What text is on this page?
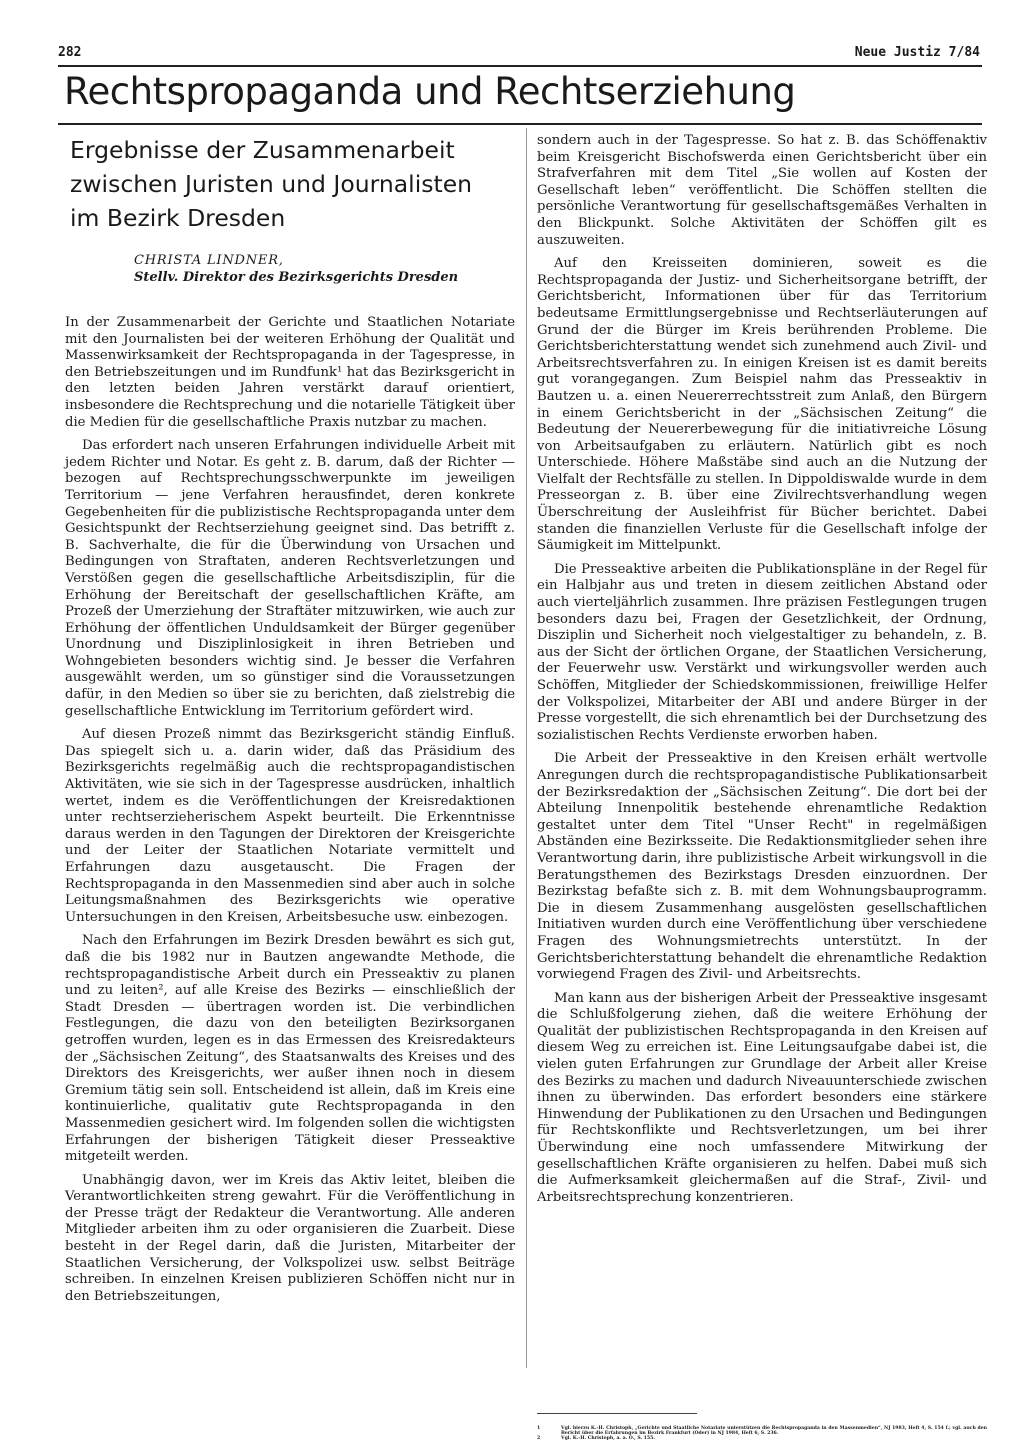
282	Neue Justiz 7/84
Rechtspropaganda und Rechtserziehung
Ergebnisse der Zusammenarbeit
zwischen Juristen und Journalisten
im Bezirk Dresden
CHRISTA LINDNER,
Stellv. Direktor des Bezirksgerichts Dresden

In der Zusammenarbeit der Gerichte und Staatlichen Notariate mit den Journalisten bei der weiteren Erhöhung der Qualität und Massenwirksamkeit der Rechtspropaganda in der Tagespresse, in den Betriebszeitungen und im Rundfunk¹ hat das Bezirksgericht in den letzten beiden Jahren verstärkt darauf orientiert, insbesondere die Rechtsprechung und die notarielle Tätigkeit über die Medien für die gesellschaftliche Praxis nutzbar zu machen.

Das erfordert nach unseren Erfahrungen individuelle Arbeit mit jedem Richter und Notar. Es geht z. B. darum, daß der Richter — bezogen auf Rechtsprechungsschwerpunkte im jeweiligen Territorium — jene Verfahren herausfindet, deren konkrete Gegebenheiten für die publizistische Rechtspropaganda unter dem Gesichtspunkt der Rechtserziehung geeignet sind. Das betrifft z. B. Sachverhalte, die für die Überwindung von Ursachen und Bedingungen von Straftaten, anderen Rechtsverletzungen und Verstößen gegen die gesellschaftliche Arbeitsdisziplin, für die Erhöhung der Bereitschaft der gesellschaftlichen Kräfte, am Prozeß der Umerziehung der Straftäter mitzuwirken, wie auch zur Erhöhung der öffentlichen Unduldsamkeit der Bürger gegenüber Unordnung und Disziplinlosigkeit in ihren Betrieben und Wohngebieten besonders wichtig sind. Je besser die Verfahren ausgewählt werden, um so günstiger sind die Voraussetzungen dafür, in den Medien so über sie zu berichten, daß zielstrebig die gesellschaftliche Entwicklung im Territorium gefördert wird.

Auf diesen Prozeß nimmt das Bezirksgericht ständig Einfluß. Das spiegelt sich u. a. darin wider, daß das Präsidium des Bezirksgerichts regelmäßig auch die rechtspropagandistischen Aktivitäten, wie sie sich in der Tagespresse ausdrücken, inhaltlich wertet, indem es die Veröffentlichungen der Kreisredaktionen unter rechtserzieherischem Aspekt beurteilt. Die Erkenntnisse daraus werden in den Tagungen der Direktoren der Kreisgerichte und der Leiter der Staatlichen Notariate vermittelt und Erfahrungen dazu ausgetauscht. Die Fragen der Rechtspropaganda in den Massenmedien sind aber auch in solche Leitungsmaßnahmen des Bezirksgerichts wie operative Untersuchungen in den Kreisen, Arbeitsbesuche usw. einbezogen.

Nach den Erfahrungen im Bezirk Dresden bewährt es sich gut, daß die bis 1982 nur in Bautzen angewandte Methode, die rechtspropagandistische Arbeit durch ein Presseaktiv zu planen und zu leiten², auf alle Kreise des Bezirks — einschließlich der Stadt Dresden — übertragen worden ist. Die verbindlichen Festlegungen, die dazu von den beteiligten Bezirksorganen getroffen wurden, legen es in das Ermessen des Kreisredakteurs der „Sächsischen Zeitung“, des Staatsanwalts des Kreises und des Direktors des Kreisgerichts, wer außer ihnen noch in diesem Gremium tätig sein soll. Entscheidend ist allein, daß im Kreis eine kontinuierliche, qualitativ gute Rechtspropaganda in den Massenmedien gesichert wird. Im folgenden sollen die wichtigsten Erfahrungen der bisherigen Tätigkeit dieser Presseaktive mitgeteilt werden.

Unabhängig davon, wer im Kreis das Aktiv leitet, bleiben die Verantwortlichkeiten streng gewahrt. Für die Veröffentlichung in der Presse trägt der Redakteur die Verantwortung. Alle anderen Mitglieder arbeiten ihm zu oder organisieren die Zuarbeit. Diese besteht in der Regel darin, daß die Juristen, Mitarbeiter der Staatlichen Versicherung, der Volkspolizei usw. selbst Beiträge schreiben. In einzelnen Kreisen publizieren Schöffen nicht nur in den Betriebszeitungen,

sondern auch in der Tagespresse. So hat z. B. das Schöffenaktiv beim Kreisgericht Bischofswerda einen Gerichtsbericht über ein Strafverfahren mit dem Titel „Sie wollen auf Kosten der Gesellschaft leben“ veröffentlicht. Die Schöffen stellten die persönliche Verantwortung für gesellschaftsgemäßes Verhalten in den Blickpunkt. Solche Aktivitäten der Schöffen gilt es auszuweiten.

Auf den Kreisseiten dominieren, soweit es die Rechtspropaganda der Justiz- und Sicherheitsorgane betrifft, der Gerichtsbericht, Informationen über für das Territorium bedeutsame Ermittlungsergebnisse und Rechtserläuterungen auf Grund der die Bürger im Kreis berührenden Probleme. Die Gerichtsberichterstattung wendet sich zunehmend auch Zivil- und Arbeitsrechtsverfahren zu. In einigen Kreisen ist es damit bereits gut vorangegangen. Zum Beispiel nahm das Presseaktiv in Bautzen u. a. einen Neuererrechtsstreit zum Anlaß, den Bürgern in einem Gerichtsbericht in der „Sächsischen Zeitung“ die Bedeutung der Neuererbewegung für die initiativreiche Lösung von Arbeitsaufgaben zu erläutern. Natürlich gibt es noch Unterschiede. Höhere Maßstäbe sind auch an die Nutzung der Vielfalt der Rechtsfälle zu stellen. In Dippoldiswalde wurde in dem Presseorgan z. B. über eine Zivilrechtsverhandlung wegen Überschreitung der Ausleihfrist für Bücher berichtet. Dabei standen die finanziellen Verluste für die Gesellschaft infolge der Säumigkeit im Mittelpunkt.

Die Presseaktive arbeiten die Publikationspläne in der Regel für ein Halbjahr aus und treten in diesem zeitlichen Abstand oder auch vierteljährlich zusammen. Ihre präzisen Festlegungen trugen besonders dazu bei, Fragen der Gesetzlichkeit, der Ordnung, Disziplin und Sicherheit noch vielgestaltiger zu behandeln, z. B. aus der Sicht der örtlichen Organe, der Staatlichen Versicherung, der Feuerwehr usw. Verstärkt und wirkungsvoller werden auch Schöffen, Mitglieder der Schiedskommissionen, freiwillige Helfer der Volkspolizei, Mitarbeiter der ABI und andere Bürger in der Presse vorgestellt, die sich ehrenamtlich bei der Durchsetzung des sozialistischen Rechts Verdienste erworben haben.

Die Arbeit der Presseaktive in den Kreisen erhält wertvolle Anregungen durch die rechtspropagandistische Publikationsarbeit der Bezirksredaktion der „Sächsischen Zeitung“. Die dort bei der Abteilung Innenpolitik bestehende ehrenamtliche Redaktion gestaltet unter dem Titel "Unser Recht" in regelmäßigen Abständen eine Bezirksseite. Die Redaktionsmitglieder sehen ihre Verantwortung darin, ihre publizistische Arbeit wirkungsvoll in die Beratungsthemen des Bezirkstags Dresden einzuordnen. Der Bezirkstag befaßte sich z. B. mit dem Wohnungsbauprogramm. Die in diesem Zusammenhang ausgelösten gesellschaftlichen Initiativen wurden durch eine Veröffentlichung über verschiedene Fragen des Wohnungsmietrechts unterstützt. In der Gerichtsberichterstattung behandelt die ehrenamtliche Redaktion vorwiegend Fragen des Zivil- und Arbeitsrechts.

Man kann aus der bisherigen Arbeit der Presseaktive insgesamt die Schlußfolgerung ziehen, daß die weitere Erhöhung der Qualität der publizistischen Rechtspropaganda in den Kreisen auf diesem Weg zu erreichen ist. Eine Leitungsaufgabe dabei ist, die vielen guten Erfahrungen zur Grundlage der Arbeit aller Kreise des Bezirks zu machen und dadurch Niveauunterschiede zwischen ihnen zu überwinden. Das erfordert besonders eine stärkere Hinwendung der Publikationen zu den Ursachen und Bedingungen für Rechtskonflikte und Rechtsverletzungen, um bei ihrer Überwindung eine noch umfassendere Mitwirkung der gesellschaftlichen Kräfte organisieren zu helfen. Dabei muß sich die Aufmerksamkeit gleichermaßen auf die Straf-, Zivil- und Arbeitsrechtsprechung konzentrieren.

1	Vgl. hierzu K.-H. Christoph, „Gerichte und Staatliche Notariate unterstützen die Rechtspropaganda in den Massenmedien“, NJ 1983, Heft 4, S. 154 f.; vgl. auch den Bericht über die Erfahrungen im Bezirk Frankfurt (Oder) in NJ 1984, Heft 6, S. 236.
2	Vgl. K.-H. Christoph, a. a. O., S. 155.
